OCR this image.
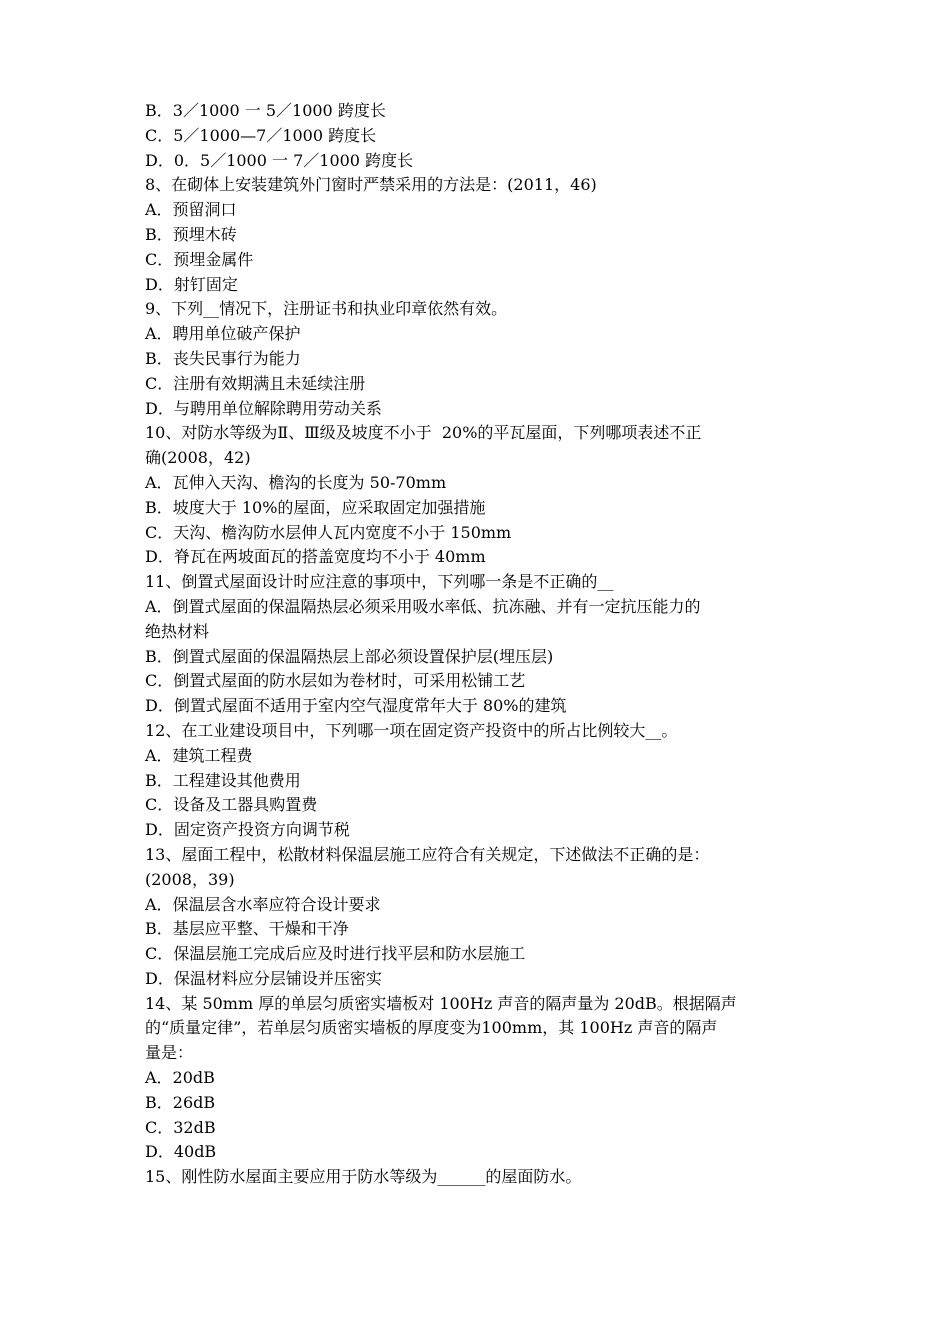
B．3／1000 一 5／1000 跨度长
C．5／1000—7／1000 跨度长
D．0．5／1000 一 7／1000 跨度长
8、在砌体上安装建筑外门窗时严禁采用的方法是：(2011，46)
A．预留洞口
B．预埋木砖
C．预埋金属件
D．射钉固定
9、下列__情况下，注册证书和执业印章依然有效。
A．聘用单位破产保护
B．丧失民事行为能力
C．注册有效期满且未延续注册
D．与聘用单位解除聘用劳动关系
10、对防水等级为Ⅱ、Ⅲ级及坡度不小于  20%的平瓦屋面，下列哪项表述不正
确(2008，42)
A．瓦伸入天沟、檐沟的长度为 50-70mm
B．坡度大于 10%的屋面，应采取固定加强措施
C．天沟、檐沟防水层伸人瓦内宽度不小于 150mm
D．脊瓦在两坡面瓦的搭盖宽度均不小于 40mm
11、倒置式屋面设计时应注意的事项中，下列哪一条是不正确的__
A．倒置式屋面的保温隔热层必须采用吸水率低、抗冻融、并有一定抗压能力的
绝热材料
B．倒置式屋面的保温隔热层上部必须设置保护层(埋压层)
C．倒置式屋面的防水层如为卷材时，可采用松铺工艺
D．倒置式屋面不适用于室内空气湿度常年大于 80%的建筑
12、在工业建设项目中，下列哪一项在固定资产投资中的所占比例较大__。
A．建筑工程费
B．工程建设其他费用
C．设备及工器具购置费
D．固定资产投资方向调节税
13、屋面工程中，松散材料保温层施工应符合有关规定，下述做法不正确的是：
(2008，39)
A．保温层含水率应符合设计要求
B．基层应平整、干燥和干净
C．保温层施工完成后应及时进行找平层和防水层施工
D．保温材料应分层铺设并压密实
14、某 50mm 厚的单层匀质密实墙板对 100Hz 声音的隔声量为 20dB。根据隔声
的“质量定律”，若单层匀质密实墙板的厚度变为100mm，其 100Hz 声音的隔声
量是：
A．20dB
B．26dB
C．32dB
D．40dB
15、刚性防水屋面主要应用于防水等级为______的屋面防水。
